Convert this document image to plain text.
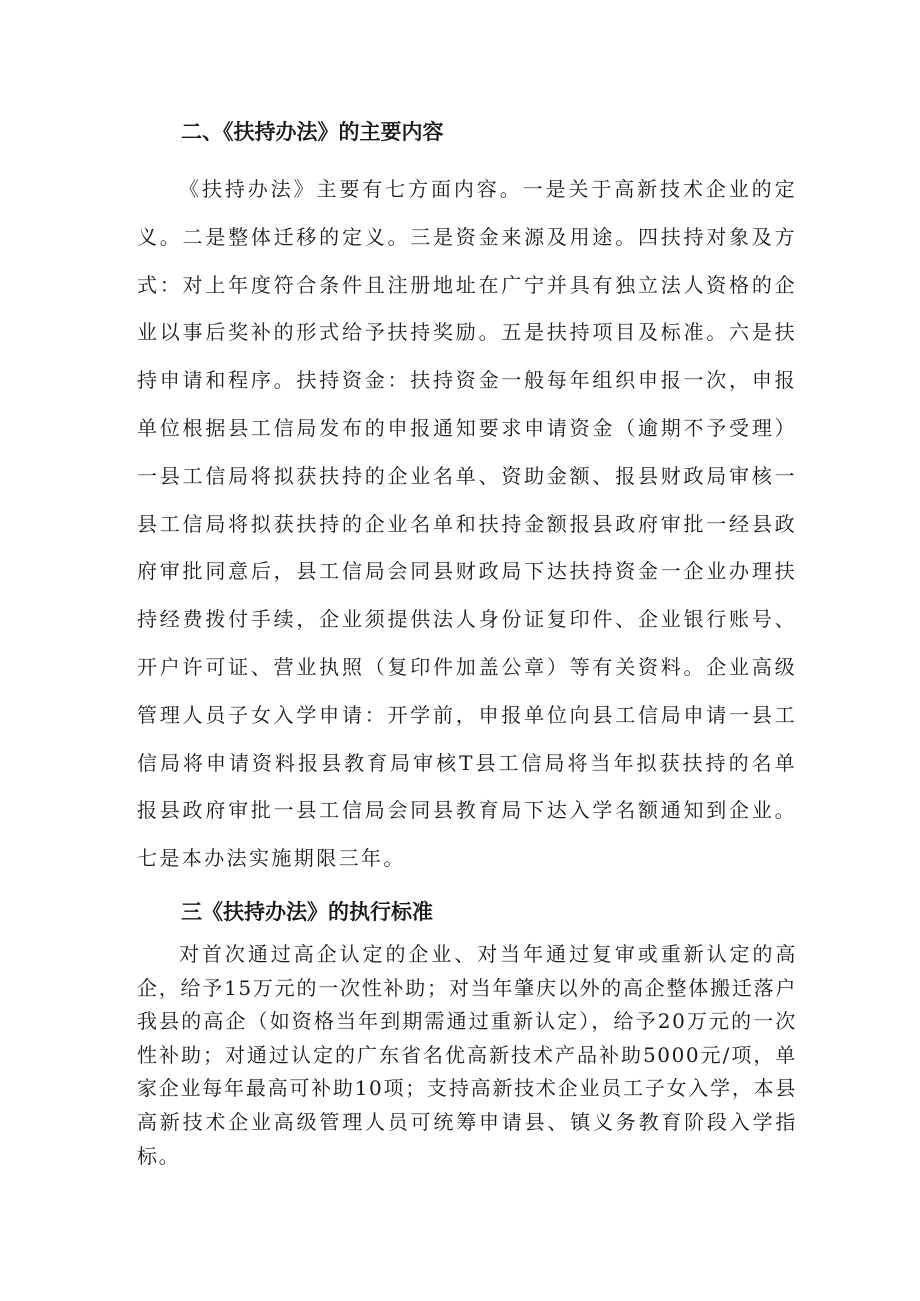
二、《扶持办法》的主要内容

《扶持办法》主要有七方面内容。一是关于高新技术企业的定义。二是整体迁移的定义。三是资金来源及用途。四扶持对象及方式：对上年度符合条件且注册地址在广宁并具有独立法人资格的企业以事后奖补的形式给予扶持奖励。五是扶持项目及标准。六是扶持申请和程序。扶持资金：扶持资金一般每年组织申报一次，申报单位根据县工信局发布的申报通知要求申请资金（逾期不予受理）一县工信局将拟获扶持的企业名单、资助金额、报县财政局审核一县工信局将拟获扶持的企业名单和扶持金额报县政府审批一经县政府审批同意后，县工信局会同县财政局下达扶持资金一企业办理扶持经费拨付手续，企业须提供法人身份证复印件、企业银行账号、开户许可证、营业执照（复印件加盖公章）等有关资料。企业高级管理人员子女入学申请：开学前，申报单位向县工信局申请一县工信局将申请资料报县教育局审核T县工信局将当年拟获扶持的名单报县政府审批一县工信局会同县教育局下达入学名额通知到企业。七是本办法实施期限三年。

三《扶持办法》的执行标准

对首次通过高企认定的企业、对当年通过复审或重新认定的高企，给予15万元的一次性补助；对当年肇庆以外的高企整体搬迁落户我县的高企（如资格当年到期需通过重新认定），给予20万元的一次性补助；对通过认定的广东省名优高新技术产品补助5000元/项，单家企业每年最高可补助10项；支持高新技术企业员工子女入学，本县高新技术企业高级管理人员可统筹申请县、镇义务教育阶段入学指标。
